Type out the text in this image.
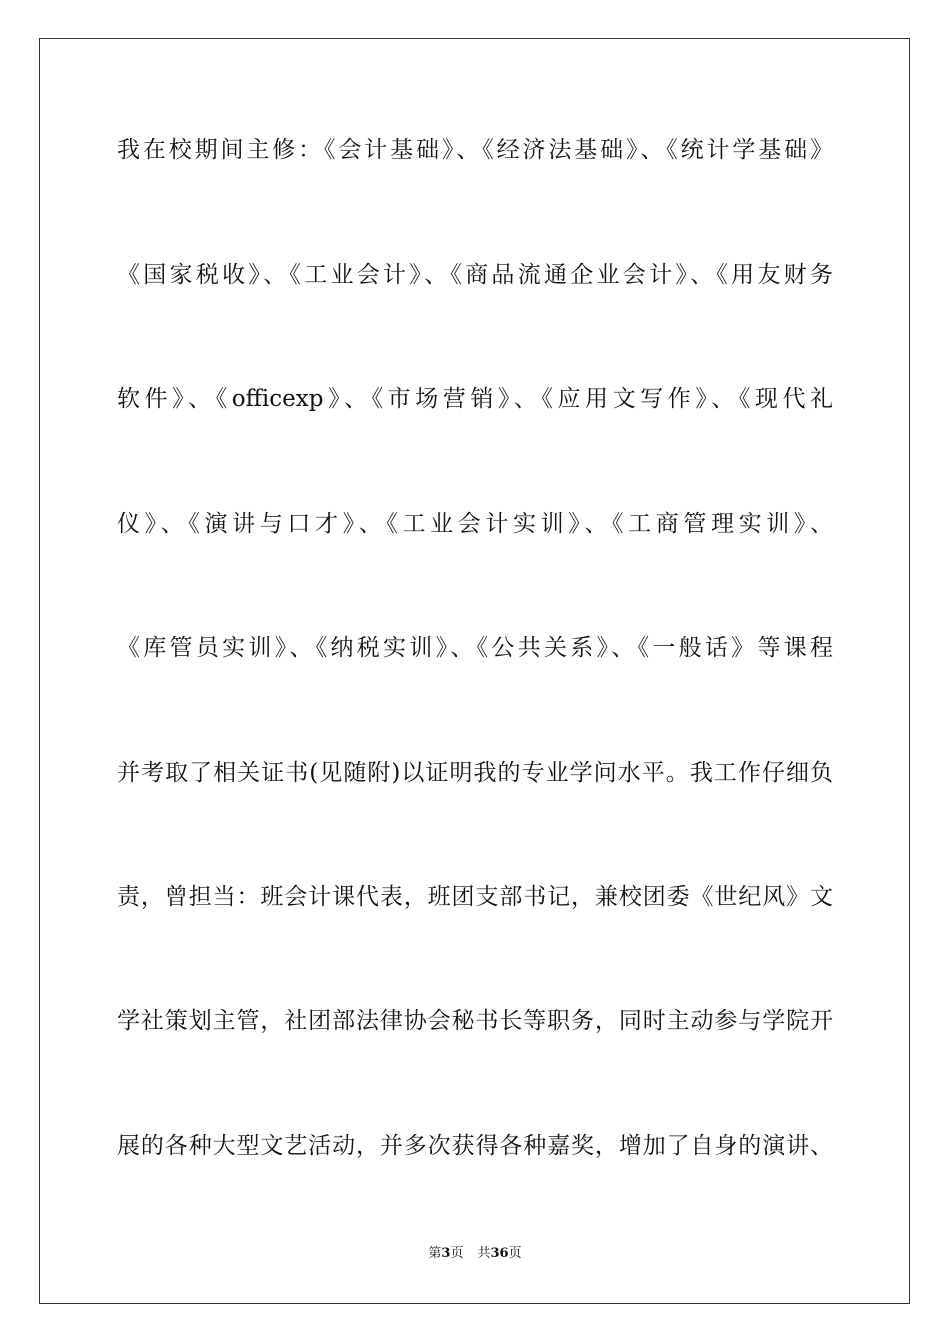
我在校期间主修：《会计基础》、《经济法基础》、《统计学基础》
《国家税收》、《工业会计》、《商品流通企业会计》、《用友财务
软件》、《officexp》、《市场营销》、《应用文写作》、《现代礼
仪》、《演讲与口才》、《工业会计实训》、《工商管理实训》、
《库管员实训》、《纳税实训》、《公共关系》、《一般话》等课程
并考取了相关证书(见随附)以证明我的专业学问水平。我工作仔细负
责，曾担当：班会计课代表，班团支部书记，兼校团委《世纪风》文
学社策划主管，社团部法律协会秘书长等职务，同时主动参与学院开
展的各种大型文艺活动，并多次获得各种嘉奖，增加了自身的演讲、
第3页 共36页
